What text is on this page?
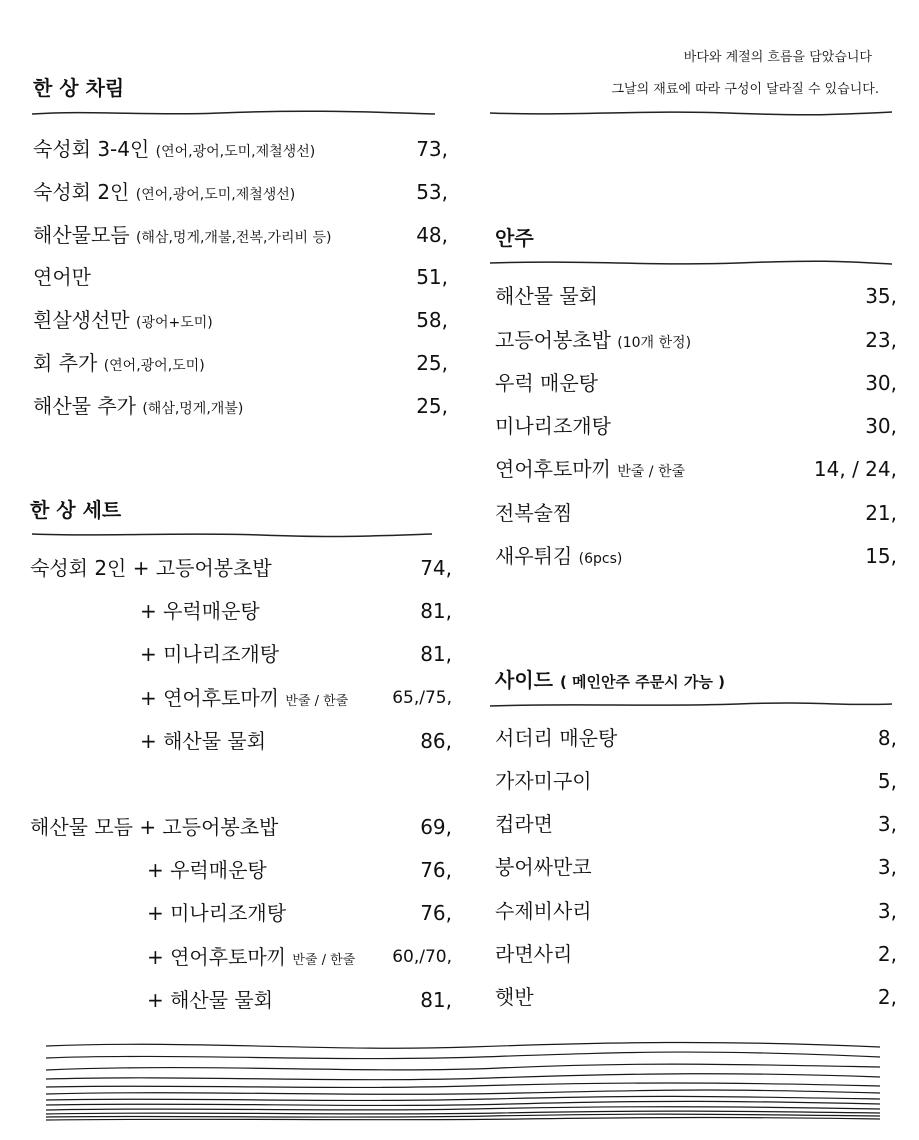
바다와 계절의 흐름을 담았습니다
그날의 재료에 따라 구성이 달라질 수 있습니다.
한 상 차림
한 상 세트
안주
사이드 ( 메인안주 주문시 가능 )
숙성회 3-4인 (연어,광어,도미,제철생선)	73,
숙성회 2인 (연어,광어,도미,제철생선)	53,
해산물모듬 (해삼,멍게,개불,전복,가리비 등)	48,
연어만	51,
흰살생선만 (광어+도미)	58,
회 추가 (연어,광어,도미)	25,
해산물 추가 (해삼,멍게,개불)	25,
숙성회 2인 + 고등어봉초밥	74,
+ 우럭매운탕	81,
+ 미나리조개탕	81,
+ 연어후토마끼 반줄 / 한줄	65,/75,
+ 해산물 물회	86,
해산물 모듬 + 고등어봉초밥	69,
+ 우럭매운탕	76,
+ 미나리조개탕	76,
+ 연어후토마끼 반줄 / 한줄 60,/70,
+ 해산물 물회	81,
해산물 물회	35,
고등어봉초밥 (10개 한정)	23,
우럭 매운탕	30,
미나리조개탕	30,
연어후토마끼 반줄 / 한줄	14, / 24,
전복술찜	21,
새우튀김 (6pcs)	15,
서더리 매운탕	8,
가자미구이	5,
컵라면	3,
붕어싸만코	3,
수제비사리	3,
라면사리	2,
햇반	2,
